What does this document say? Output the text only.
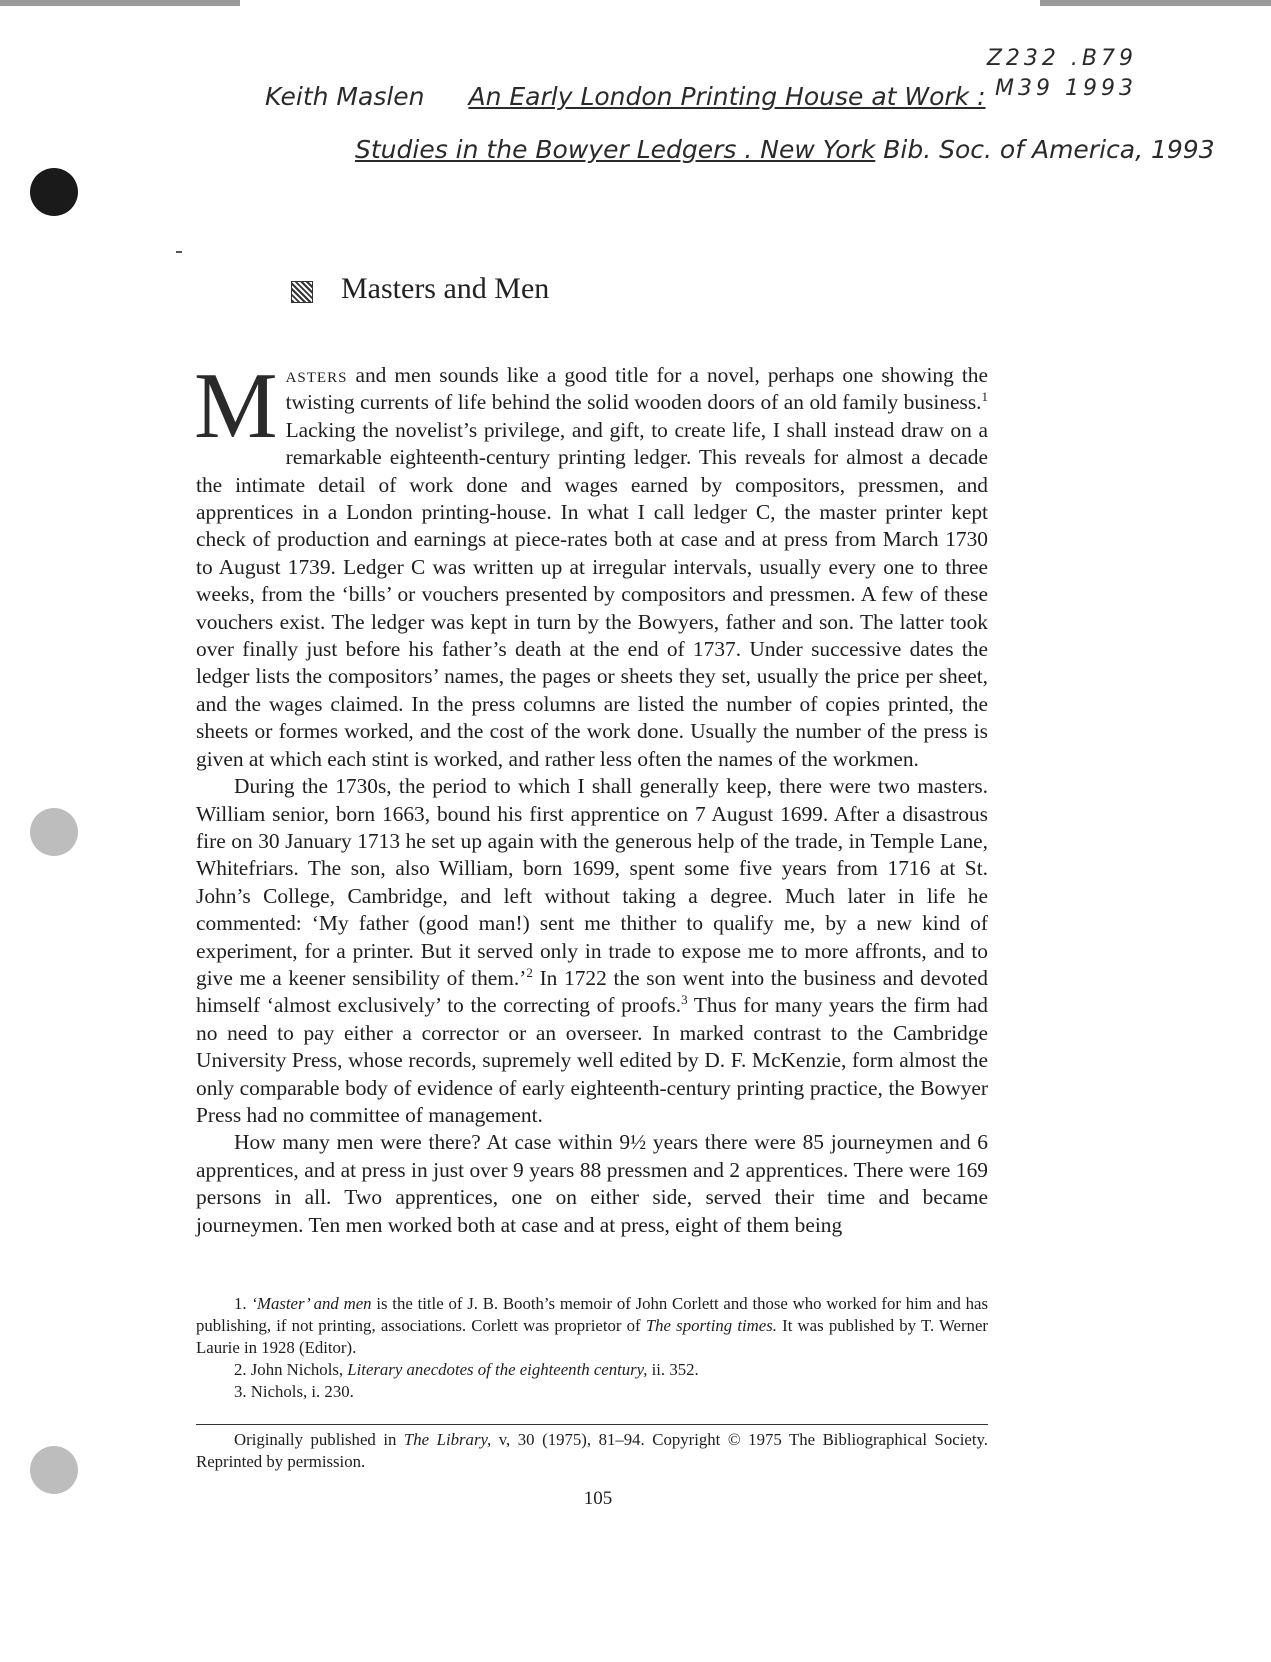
Z232 .B79
M39 1993
Keith Maslen An Early London Printing House at Work :
Studies in the Bowyer Ledgers . New York Bib. Soc. of America, 1993
Masters and Men

Masters and men sounds like a good title for a novel, perhaps one showing the twisting currents of life behind the solid wooden doors of an old family business.$^1$ Lacking the novelist’s privilege, and gift, to create life, I shall instead draw on a remarkable eighteenth-century printing ledger. This reveals for almost a decade the intimate detail of work done and wages earned by compositors, pressmen, and apprentices in a London printing-house. In what I call ledger C, the master printer kept check of production and earnings at piece-rates both at case and at press from March 1730 to August 1739. Ledger C was written up at irregular intervals, usually every one to three weeks, from the ‘bills’ or vouchers presented by compositors and pressmen. A few of these vouchers exist. The ledger was kept in turn by the Bowyers, father and son. The latter took over finally just before his father’s death at the end of 1737. Under successive dates the ledger lists the compositors’ names, the pages or sheets they set, usually the price per sheet, and the wages claimed. In the press columns are listed the number of copies printed, the sheets or formes worked, and the cost of the work done. Usually the number of the press is given at which each stint is worked, and rather less often the names of the workmen.

During the 1730s, the period to which I shall generally keep, there were two masters. William senior, born 1663, bound his first apprentice on 7 August 1699. After a disastrous fire on 30 January 1713 he set up again with the generous help of the trade, in Temple Lane, Whitefriars. The son, also William, born 1699, spent some five years from 1716 at St. John’s College, Cambridge, and left without taking a degree. Much later in life he commented: ‘My father (good man!) sent me thither to qualify me, by a new kind of experiment, for a printer. But it served only in trade to expose me to more affronts, and to give me a keener sensibility of them.’$^2$ In 1722 the son went into the business and devoted himself ‘almost exclusively’ to the correcting of proofs.$^3$ Thus for many years the firm had no need to pay either a corrector or an overseer. In marked contrast to the Cambridge University Press, whose records, supremely well edited by D. F. McKenzie, form almost the only comparable body of evidence of early eighteenth-century printing practice, the Bowyer Press had no committee of management.

How many men were there? At case within 9½ years there were 85 journeymen and 6 apprentices, and at press in just over 9 years 88 pressmen and 2 apprentices. There were 169 persons in all. Two apprentices, one on either side, served their time and became journeymen. Ten men worked both at case and at press, eight of them being

1. ‘Master’ and men is the title of J. B. Booth’s memoir of John Corlett and those who worked for him and has publishing, if not printing, associations. Corlett was proprietor of The sporting times. It was published by T. Werner Laurie in 1928 (Editor).

2. John Nichols, Literary anecdotes of the eighteenth century, ii. 352.

3. Nichols, i. 230.

Originally published in The Library, v, 30 (1975), 81–94. Copyright © 1975 The Bibliographical Society. Reprinted by permission.

105
